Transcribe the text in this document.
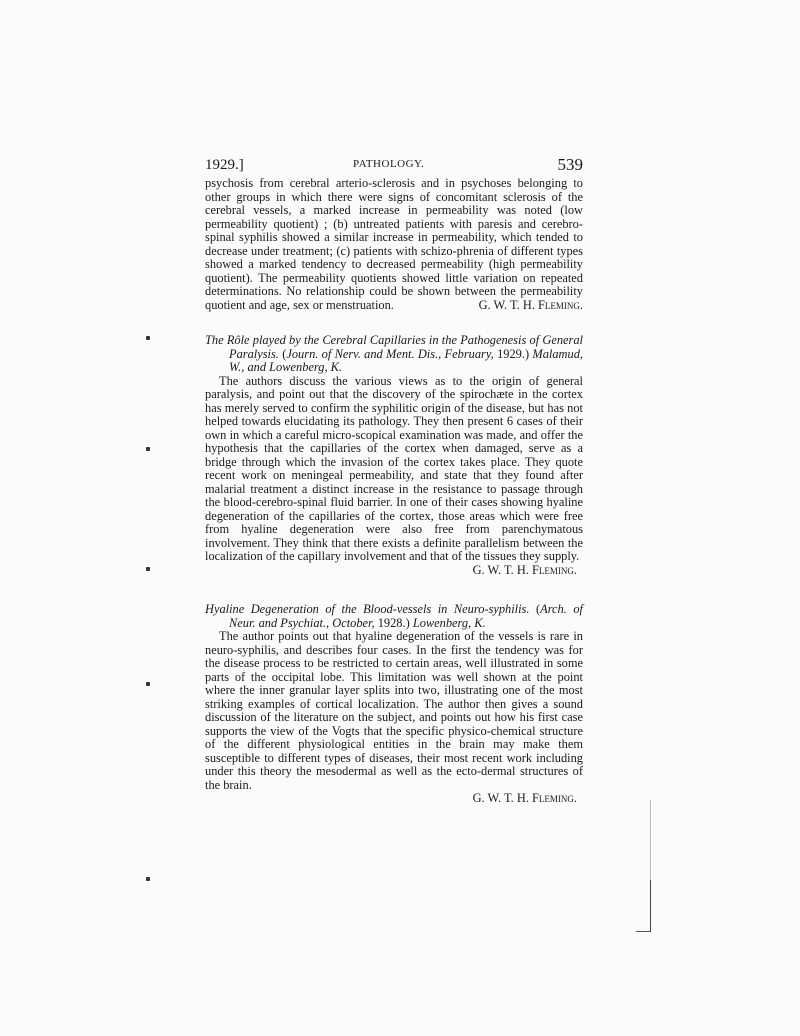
1929.]	PATHOLOGY.	539

psychosis from cerebral arterio-sclerosis and in psychoses belonging to other groups in which there were signs of concomitant sclerosis of the cerebral vessels, a marked increase in permeability was noted (low permeability quotient) ; (b) untreated patients with paresis and cerebro-spinal syphilis showed a similar increase in permeability, which tended to decrease under treatment; (c) patients with schizo-phrenia of different types showed a marked tendency to decreased permeability (high permeability quotient). The permeability quotients showed little variation on repeated determinations. No relationship could be shown between the permeability quotient and age, sex or menstruation.	G. W. T. H. Fleming.

The Rôle played by the Cerebral Capillaries in the Pathogenesis of General Paralysis. (Journ. of Nerv. and Ment. Dis., February, 1929.) Malamud, W., and Lowenberg, K.

The authors discuss the various views as to the origin of general paralysis, and point out that the discovery of the spirochæte in the cortex has merely served to confirm the syphilitic origin of the disease, but has not helped towards elucidating its pathology. They then present 6 cases of their own in which a careful micro-scopical examination was made, and offer the hypothesis that the capillaries of the cortex when damaged, serve as a bridge through which the invasion of the cortex takes place. They quote recent work on meningeal permeability, and state that they found after malarial treatment a distinct increase in the resistance to passage through the blood-cerebro-spinal fluid barrier. In one of their cases showing hyaline degeneration of the capillaries of the cortex, those areas which were free from hyaline degeneration were also free from parenchymatous involvement. They think that there exists a definite parallelism between the localization of the capillary involvement and that of the tissues they supply.

G. W. T. H. Fleming.

Hyaline Degeneration of the Blood-vessels in Neuro-syphilis. (Arch. of Neur. and Psychiat., October, 1928.) Lowenberg, K.

The author points out that hyaline degeneration of the vessels is rare in neuro-syphilis, and describes four cases. In the first the tendency was for the disease process to be restricted to certain areas, well illustrated in some parts of the occipital lobe. This limitation was well shown at the point where the inner granular layer splits into two, illustrating one of the most striking examples of cortical localization. The author then gives a sound discussion of the literature on the subject, and points out how his first case supports the view of the Vogts that the specific physico-chemical structure of the different physiological entities in the brain may make them susceptible to different types of diseases, their most recent work including under this theory the mesodermal as well as the ecto-dermal structures of the brain.

G. W. T. H. Fleming.
